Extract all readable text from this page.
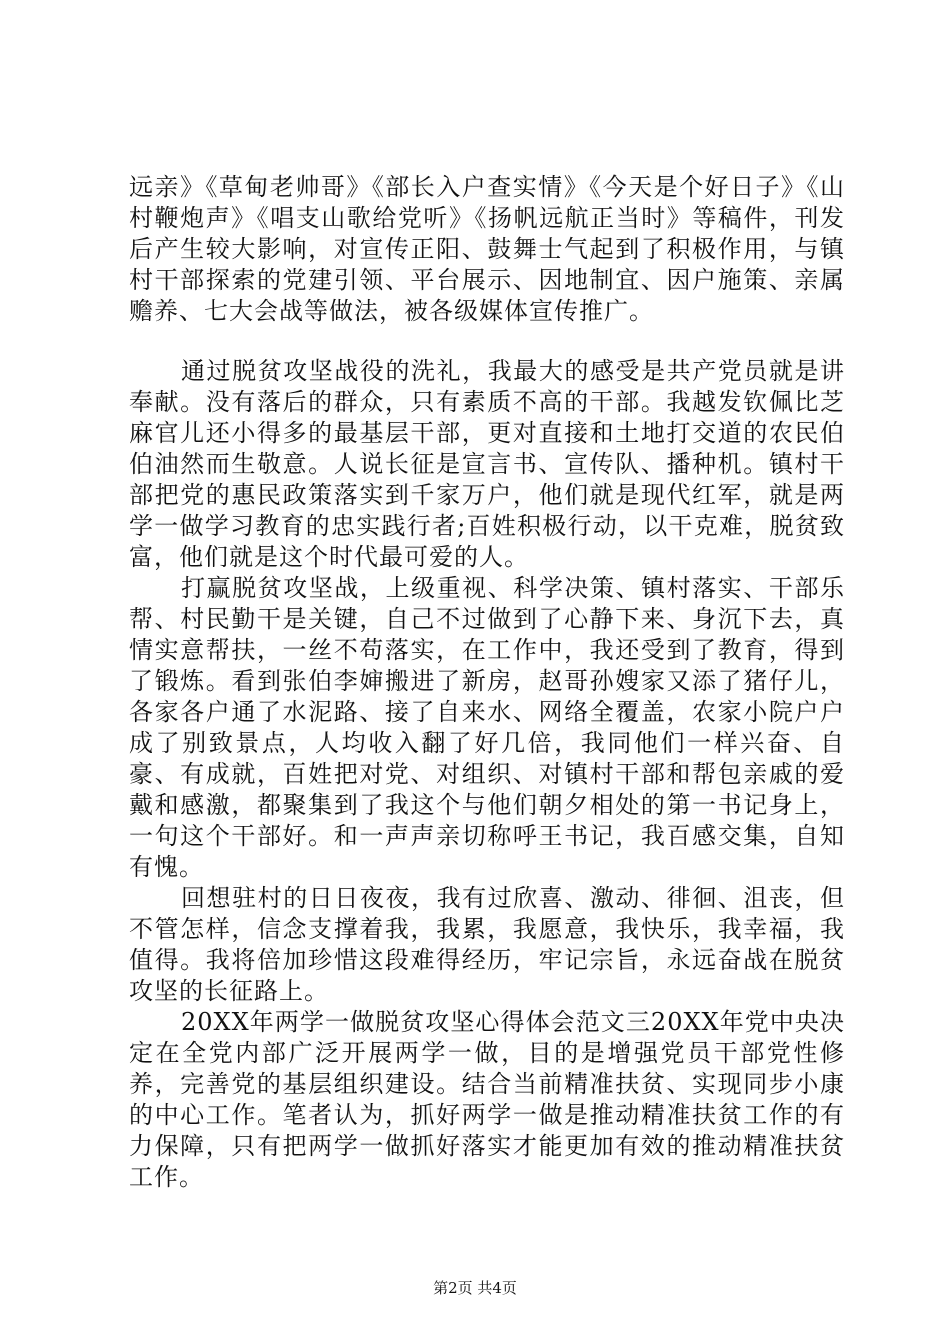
远亲》《草甸老帅哥》《部长入户查实情》《今天是个好日子》《山村鞭炮声》《唱支山歌给党听》《扬帆远航正当时》等稿件，刊发后产生较大影响，对宣传正阳、鼓舞士气起到了积极作用，与镇村干部探索的党建引领、平台展示、因地制宜、因户施策、亲属赡养、七大会战等做法，被各级媒体宣传推广。

通过脱贫攻坚战役的洗礼，我最大的感受是共产党员就是讲奉献。没有落后的群众，只有素质不高的干部。我越发钦佩比芝麻官儿还小得多的最基层干部，更对直接和土地打交道的农民伯伯油然而生敬意。人说长征是宣言书、宣传队、播种机。镇村干部把党的惠民政策落实到千家万户，他们就是现代红军，就是两学一做学习教育的忠实践行者;百姓积极行动，以干克难，脱贫致富，他们就是这个时代最可爱的人。

打赢脱贫攻坚战，上级重视、科学决策、镇村落实、干部乐帮、村民勤干是关键，自己不过做到了心静下来、身沉下去，真情实意帮扶，一丝不苟落实，在工作中，我还受到了教育，得到了锻炼。看到张伯李婶搬进了新房，赵哥孙嫂家又添了猪仔儿，各家各户通了水泥路、接了自来水、网络全覆盖，农家小院户户成了别致景点，人均收入翻了好几倍，我同他们一样兴奋、自豪、有成就，百姓把对党、对组织、对镇村干部和帮包亲戚的爱戴和感激，都聚集到了我这个与他们朝夕相处的第一书记身上，一句这个干部好。和一声声亲切称呼王书记，我百感交集，自知有愧。

回想驻村的日日夜夜，我有过欣喜、激动、徘徊、沮丧，但不管怎样，信念支撑着我，我累，我愿意，我快乐，我幸福，我值得。我将倍加珍惜这段难得经历，牢记宗旨，永远奋战在脱贫攻坚的长征路上。

20XX年两学一做脱贫攻坚心得体会范文三20XX年党中央决定在全党内部广泛开展两学一做，目的是增强党员干部党性修养，完善党的基层组织建设。结合当前精准扶贫、实现同步小康的中心工作。笔者认为，抓好两学一做是推动精准扶贫工作的有力保障，只有把两学一做抓好落实才能更加有效的推动精准扶贫工作。

第2页 共4页
